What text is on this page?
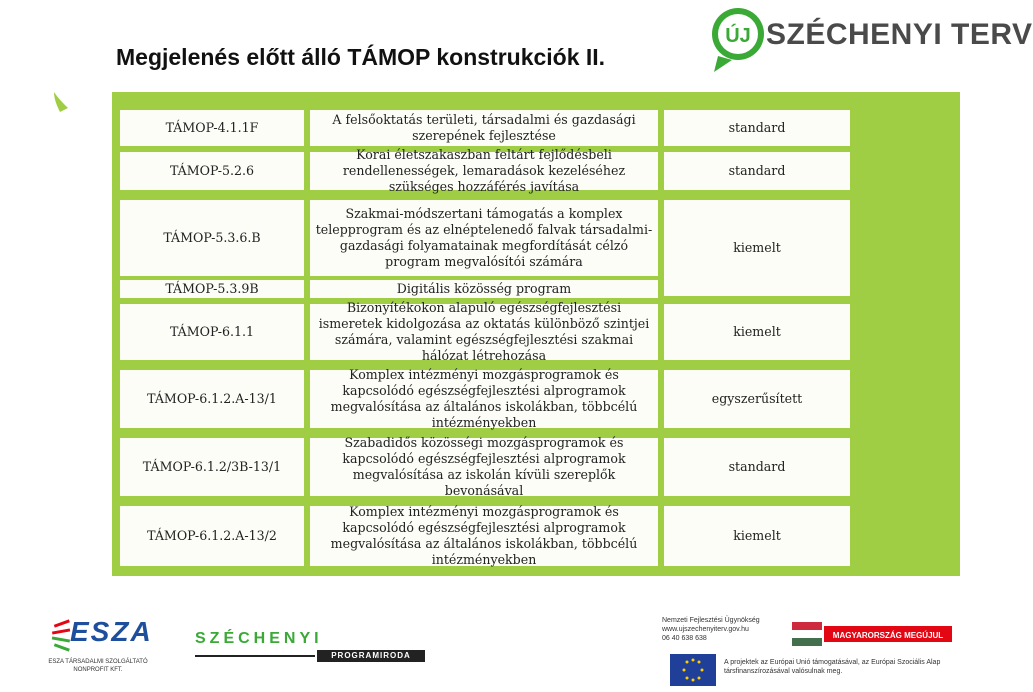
Megjelenés előtt álló TÁMOP konstrukciók II.
ÚJ SZÉCHENYI TERV
TÁMOP-4.1.1F
A felsőoktatás területi, társadalmi és gazdasági szerepének fejlesztése
standard
TÁMOP-5.2.6
Korai életszakaszban feltárt fejlődésbeli rendellenességek, lemaradások kezeléséhez szükséges hozzáférés javítása
standard
TÁMOP-5.3.6.B
Szakmai-módszertani támogatás a komplex telepprogram és az elnéptelenedő falvak társadalmi-gazdasági folyamatainak megfordítását célzó program megvalósítói számára
kiemelt
TÁMOP-5.3.9B	Digitális közösség program
TÁMOP-6.1.1
Bizonyítékokon alapuló egészségfejlesztési ismeretek kidolgozása az oktatás különböző szintjei számára, valamint egészségfejlesztési szakmai hálózat létrehozása
kiemelt
TÁMOP-6.1.2.A-13/1
Komplex intézményi mozgásprogramok és kapcsolódó egészségfejlesztési alprogramok megvalósítása az általános iskolákban, többcélú intézményekben
egyszerűsített
TÁMOP-6.1.2/3B-13/1
Szabadidős közösségi mozgásprogramok és kapcsolódó egészségfejlesztési alprogramok megvalósítása az iskolán kívüli szereplők bevonásával
standard
TÁMOP-6.1.2.A-13/2
Komplex intézményi mozgásprogramok és kapcsolódó egészségfejlesztési alprogramok megvalósítása az általános iskolákban, többcélú intézményekben
kiemelt
ESZA
ESZA TÁRSADALMI SZOLGÁLTATÓ NONPROFIT KFT.
SZÉCHENYI
PROGRAMIRODA
Nemzeti Fejlesztési Ügynökség
www.ujszechenyiterv.gov.hu
06 40 638 638	MAGYARORSZÁG MEGÚJUL
A projektek az Európai Unió támogatásával, az Európai Szociális Alap társfinanszírozásával valósulnak meg.
